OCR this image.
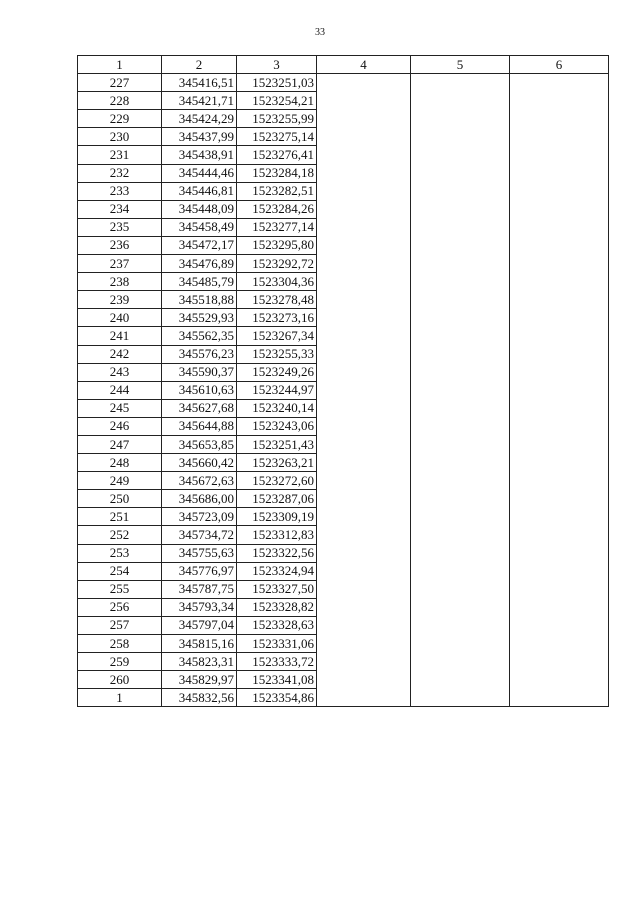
33
1	2	3	4	5	6
227	345416,51	1523251,03			
228	345421,71	1523254,21			
229	345424,29	1523255,99			
230	345437,99	1523275,14			
231	345438,91	1523276,41			
232	345444,46	1523284,18			
233	345446,81	1523282,51			
234	345448,09	1523284,26			
235	345458,49	1523277,14			
236	345472,17	1523295,80			
237	345476,89	1523292,72			
238	345485,79	1523304,36			
239	345518,88	1523278,48			
240	345529,93	1523273,16			
241	345562,35	1523267,34			
242	345576,23	1523255,33			
243	345590,37	1523249,26			
244	345610,63	1523244,97			
245	345627,68	1523240,14			
246	345644,88	1523243,06			
247	345653,85	1523251,43			
248	345660,42	1523263,21			
249	345672,63	1523272,60			
250	345686,00	1523287,06			
251	345723,09	1523309,19			
252	345734,72	1523312,83			
253	345755,63	1523322,56			
254	345776,97	1523324,94			
255	345787,75	1523327,50			
256	345793,34	1523328,82			
257	345797,04	1523328,63			
258	345815,16	1523331,06			
259	345823,31	1523333,72			
260	345829,97	1523341,08			
1	345832,56	1523354,86			
